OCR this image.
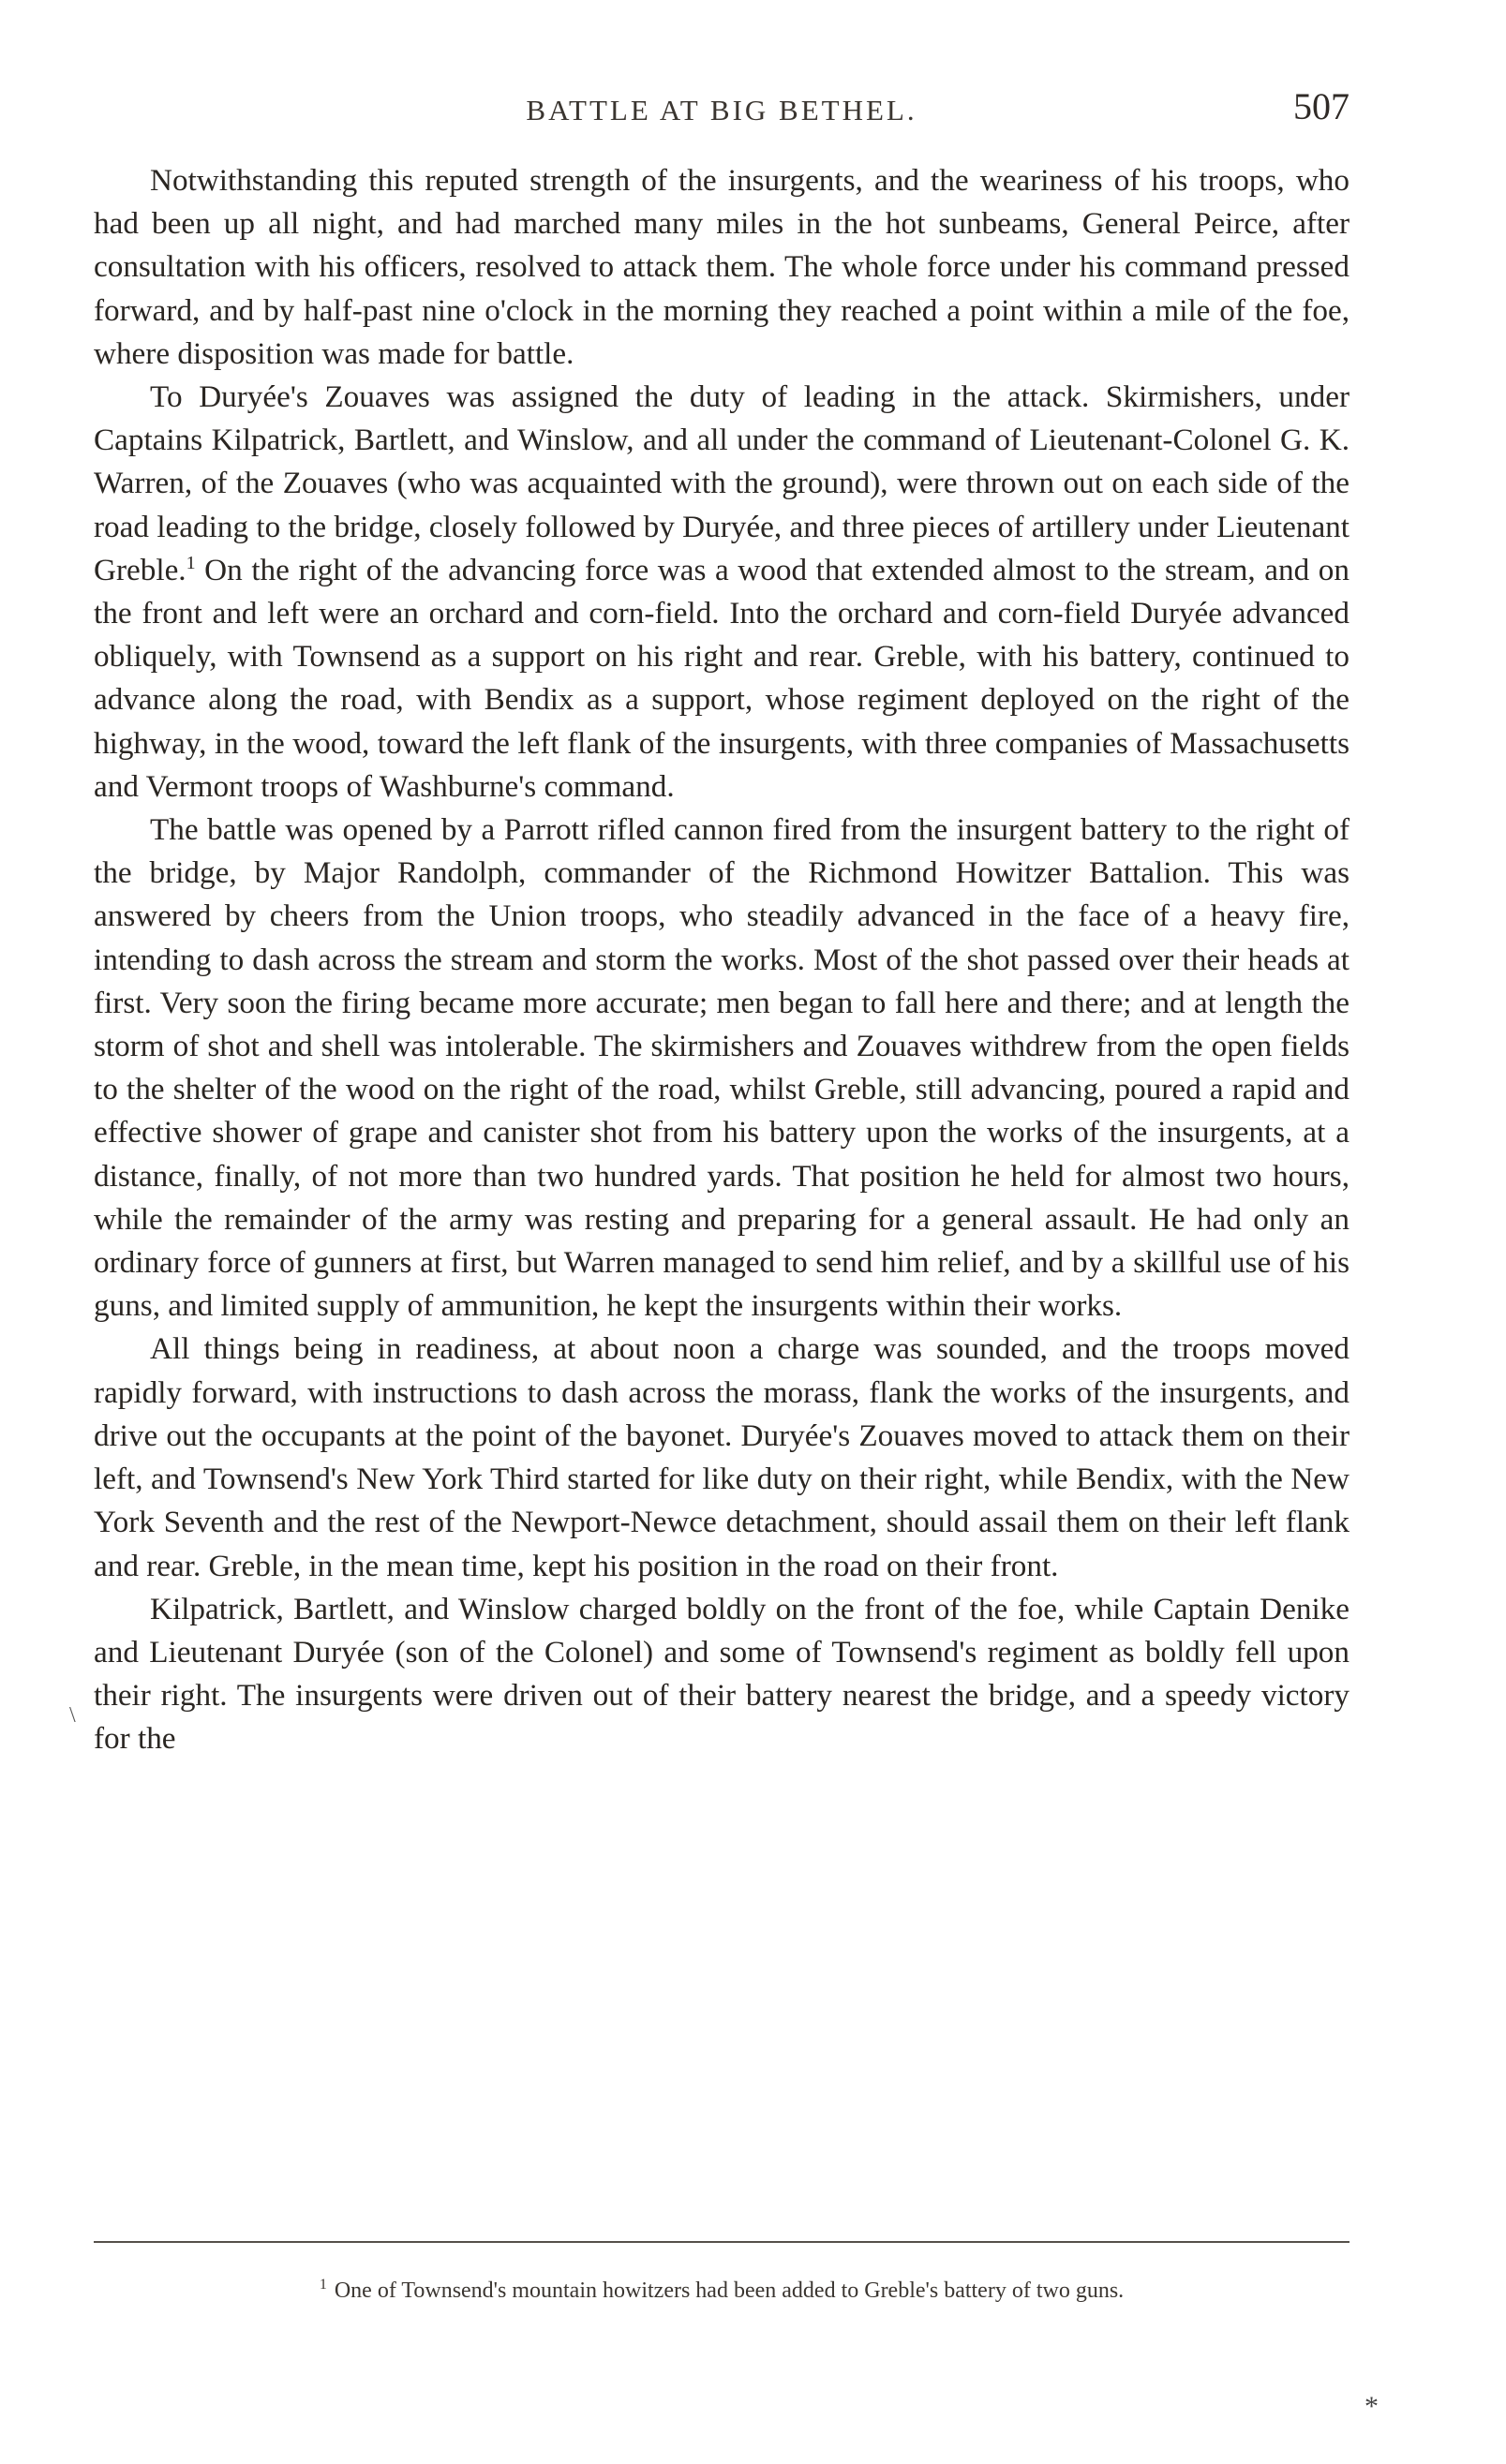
BATTLE AT BIG BETHEL.	507

Notwithstanding this reputed strength of the insurgents, and the weariness of his troops, who had been up all night, and had marched many miles in the hot sunbeams, General Peirce, after consultation with his officers, resolved to attack them. The whole force under his command pressed forward, and by half-past nine o'clock in the morning they reached a point within a mile of the foe, where disposition was made for battle.

To Duryée's Zouaves was assigned the duty of leading in the attack. Skirmishers, under Captains Kilpatrick, Bartlett, and Winslow, and all under the command of Lieutenant-Colonel G. K. Warren, of the Zouaves (who was acquainted with the ground), were thrown out on each side of the road leading to the bridge, closely followed by Duryée, and three pieces of artillery under Lieutenant Greble.$^1$ On the right of the advancing force was a wood that extended almost to the stream, and on the front and left were an orchard and corn-field. Into the orchard and corn-field Duryée advanced obliquely, with Townsend as a support on his right and rear. Greble, with his battery, continued to advance along the road, with Bendix as a support, whose regiment deployed on the right of the highway, in the wood, toward the left flank of the insurgents, with three companies of Massachusetts and Vermont troops of Washburne's command.

The battle was opened by a Parrott rifled cannon fired from the insurgent battery to the right of the bridge, by Major Randolph, commander of the Richmond Howitzer Battalion. This was answered by cheers from the Union troops, who steadily advanced in the face of a heavy fire, intending to dash across the stream and storm the works. Most of the shot passed over their heads at first. Very soon the firing became more accurate; men began to fall here and there; and at length the storm of shot and shell was intolerable. The skirmishers and Zouaves withdrew from the open fields to the shelter of the wood on the right of the road, whilst Greble, still advancing, poured a rapid and effective shower of grape and canister shot from his battery upon the works of the insurgents, at a distance, finally, of not more than two hundred yards. That position he held for almost two hours, while the remainder of the army was resting and preparing for a general assault. He had only an ordinary force of gunners at first, but Warren managed to send him relief, and by a skillful use of his guns, and limited supply of ammunition, he kept the insurgents within their works.

All things being in readiness, at about noon a charge was sounded, and the troops moved rapidly forward, with instructions to dash across the morass, flank the works of the insurgents, and drive out the occupants at the point of the bayonet. Duryée's Zouaves moved to attack them on their left, and Townsend's New York Third started for like duty on their right, while Bendix, with the New York Seventh and the rest of the Newport-Newce detachment, should assail them on their left flank and rear. Greble, in the mean time, kept his position in the road on their front.

Kilpatrick, Bartlett, and Winslow charged boldly on the front of the foe, while Captain Denike and Lieutenant Duryée (son of the Colonel) and some of Townsend's regiment as boldly fell upon their right. The insurgents were driven out of their battery nearest the bridge, and a speedy victory for the

\
$^1$ One of Townsend's mountain howitzers had been added to Greble's battery of two guns.
*
